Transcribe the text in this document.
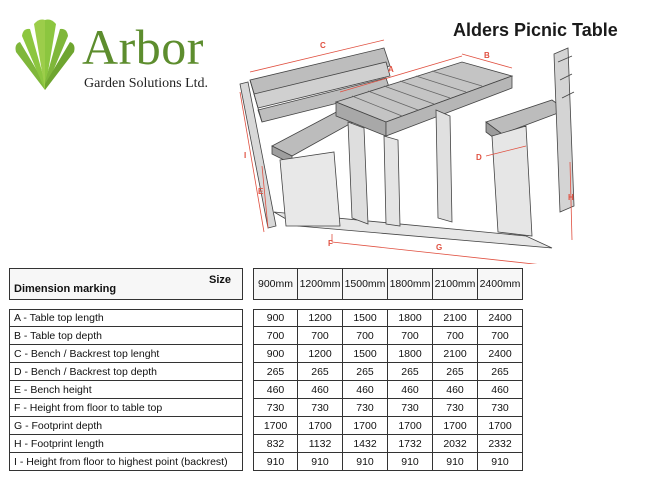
Arbor
Garden Solutions Ltd.
Alders Picnic Table
C
A
B
D
I
E
F	G
H
Size
Dimension marking		900mm	1200mm	1500mm	1800mm	2100mm	2400mm

A - Table top length		900	1200	1500	1800	2100	2400
B - Table top depth		700	700	700	700	700	700
C - Bench / Backrest top lenght		900	1200	1500	1800	2100	2400
D - Bench / Backrest top depth		265	265	265	265	265	265
E - Bench height		460	460	460	460	460	460
F - Height from floor to table top		730	730	730	730	730	730
G - Footprint depth		1700	1700	1700	1700	1700	1700
H - Footprint length		832	1132	1432	1732	2032	2332
I - Height from floor to highest point (backrest)		910	910	910	910	910	910
